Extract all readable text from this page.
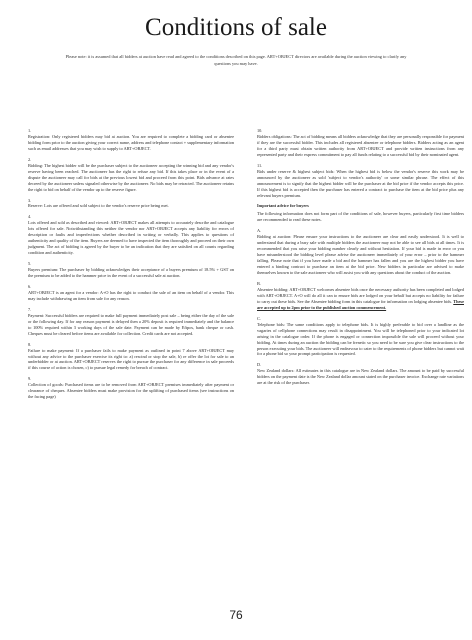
Conditions of sale
Please note: it is assumed that all bidders at auction have read and agreed to the conditions described on this page. ART+OBJECT directors are available during the auction viewing to clarify any questions you may have.

1.

Registration: Only registered bidders may bid at auction. You are required to complete a bidding card or absentee bidding form prior to the auction giving your correct name, address and telephone contact + supplementary information such as email addresses that you may wish to supply to ART+OBJECT.

2.

Bidding: The highest bidder will be the purchaser subject to the auctioneer accepting the winning bid and any vendor's reserve having been reached. The auctioneer has the right to refuse any bid. If this takes place or in the event of a dispute the auctioneer may call for bids at the previous lowest bid and proceed from this point. Bids advance at rates decreed by the auctioneer unless signaled otherwise by the auctioneer. No bids may be retracted. The auctioneer retains the right to bid on behalf of the vendor up to the reserve figure.

3.

Reserve: Lots are offered and sold subject to the vendor's reserve price being met.

4.

Lots offered and sold as described and viewed: ART+OBJECT makes all attempts to accurately describe and catalogue lots offered for sale. Notwithstanding this neither the vendor nor ART+OBJECT accepts any liability for errors of description or faults and imperfections whether described in writing or verbally. This applies to questions of authenticity and quality of the item. Buyers are deemed to have inspected the item thoroughly and proceed on their own judgment. The act of bidding is agreed by the buyer to be an indication that they are satisfied on all counts regarding condition and authenticity.

5.

Buyers premium: The purchaser by bidding acknowledges their acceptance of a buyers premium of 18.5% + GST on the premium to be added to the hammer price in the event of a successful sale at auction.

6.

ART+OBJECT is an agent for a vendor: A+O has the right to conduct the sale of an item on behalf of a vendor. This may include withdrawing an item from sale for any reason.

7.

Payment: Successful bidders are required to make full payment immediately post sale – being either the day of the sale or the following day. If for any reason payment is delayed then a 20% deposit is required immediately and the balance to 100% required within 3 working days of the sale date. Payment can be made by Eftpos, bank cheque or cash. Cheques must be cleared before items are available for collection. Credit cards are not accepted.

8.

Failure to make payment: If a purchaser fails to make payment as outlined in point 7 above ART+OBJECT may without any advice to the purchaser exercise its right to: a) rescind or stop the sale, b) re offer the lot for sale to an underbidder or at auction. ART+OBJECT reserves the right to pursue the purchaser for any difference in sale proceeds if this course of action is chosen, c) to pursue legal remedy for breach of contract.

9.

Collection of goods: Purchased items are to be removed from ART+OBJECT premises immediately after payment or clearance of cheques. Absentee bidders must make provision for the uplifting of purchased items (see instructions on the facing page)

10.

Bidders obligations: The act of bidding means all bidders acknowledge that they are personally responsible for payment if they are the successful bidder. This includes all registered absentee or telephone bidders. Bidders acting as an agent for a third party must obtain written authority from ART+OBJECT and provide written instructions from any represented party and their express commitment to pay all funds relating to a successful bid by their nominated agent.

11.

Bids under reserve & highest subject bids: When the highest bid is below the vendor's reserve this work may be announced by the auctioneer as sold 'subject to vendor's authority' or some similar phrase. The effect of this announcement is to signify that the highest bidder will be the purchaser at the bid price if the vendor accepts this price. If this highest bid is accepted then the purchaser has entered a contract to purchase the item at the bid price plus any relevant buyers premium.

Important advice for buyers

The following information does not form part of the conditions of sale, however buyers, particularly first time bidders are recommended to read these notes.

A.

Bidding at auction: Please ensure your instructions to the auctioneer are clear and easily understood. It is well to understand that during a busy sale with multiple bidders the auctioneer may not be able to see all bids at all times. It is recommended that you raise your bidding number clearly and without hesitation. If your bid is made in error or you have misunderstood the bidding level please advise the auctioneer immediately of your error – prior to the hammer falling. Please note that if you have made a bid and the hammer has fallen and you are the highest bidder you have entered a binding contract to purchase an item at the bid price. New bidders in particular are advised to make themselves known to the sale auctioneer who will assist you with any questions about the conduct of the auction.

B.

Absentee bidding: ART+OBJECT welcomes absentee bids once the necessary authority has been completed and lodged with ART+OBJECT. A+O will do all it can to ensure bids are lodged on your behalf but accepts no liability for failure to carry out these bids. See the Absentee bidding form in this catalogue for information on lodging absentee bids. These are accepted up to 2pm prior to the published auction commencement.

C.

Telephone bids: The same conditions apply to telephone bids. It is highly preferable to bid over a landline as the vagaries of cellphone connections may result in disappointment. You will be telephoned prior to your indicated lot arising in the catalogue order. If the phone is engaged or connection impossible the sale will proceed without your bidding. At times during an auction the bidding can be frenetic so you need to be sure you give clear instructions to the person executing your bids. The auctioneer will endeavour to cater to the requirements of phone bidders but cannot wait for a phone bid so your prompt participation is requested.

D.

New Zealand dollars: All estimates in this catalogue are in New Zealand dollars. The amount to be paid by successful bidders on the payment date is the New Zealand dollar amount stated on the purchaser invoice. Exchange rate variations are at the risk of the purchaser.

76
